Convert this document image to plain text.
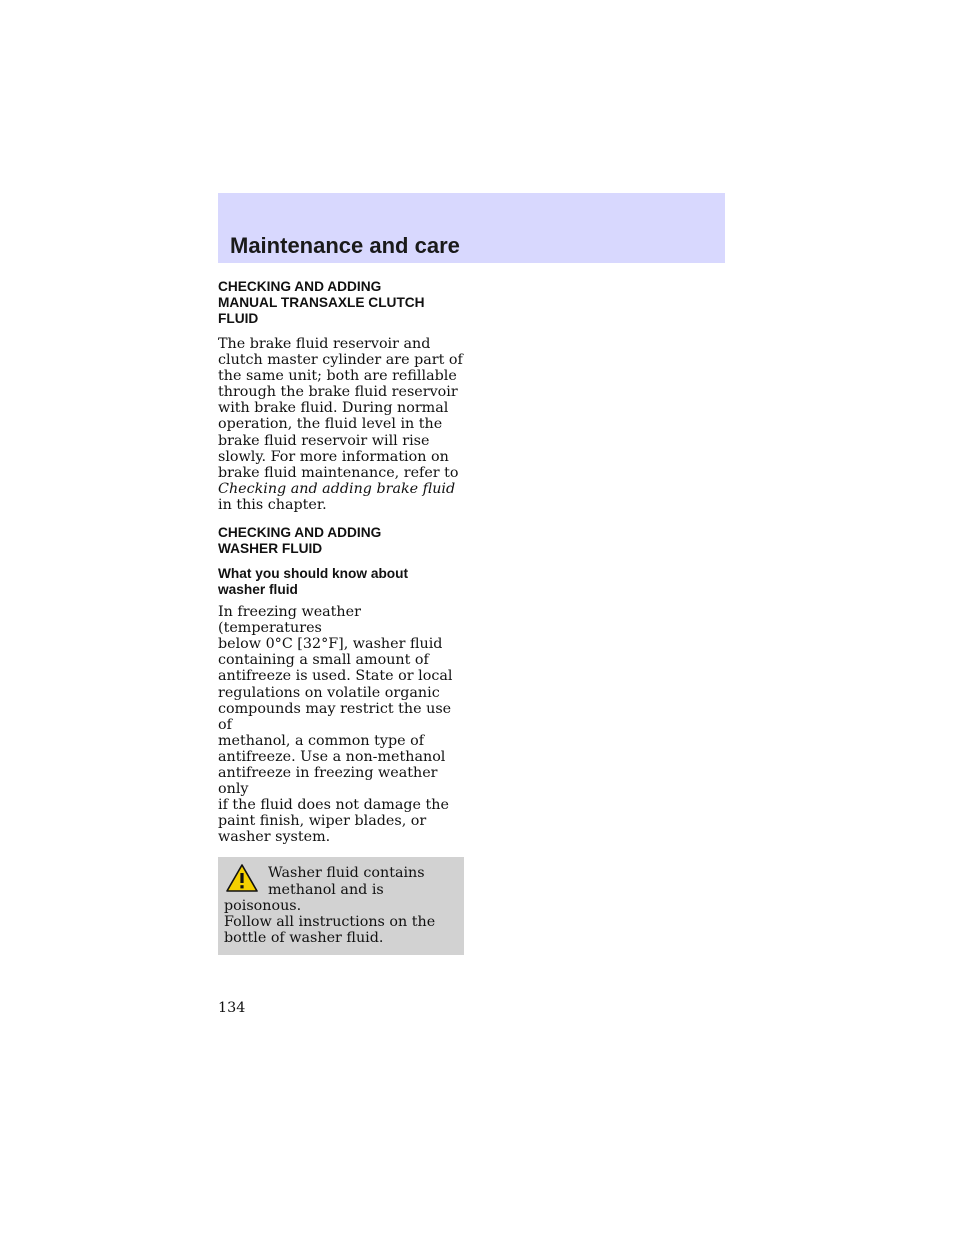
Maintenance and care
CHECKING AND ADDING
MANUAL TRANSAXLE CLUTCH
FLUID
The brake fluid reservoir and
clutch master cylinder are part of
the same unit; both are refillable
through the brake fluid reservoir
with brake fluid. During normal
operation, the fluid level in the
brake fluid reservoir will rise
slowly. For more information on
brake fluid maintenance, refer to
Checking and adding brake fluid
in this chapter.
CHECKING AND ADDING
WASHER FLUID
What you should know about
washer fluid
In freezing weather (temperatures
below 0°C [32°F], washer fluid
containing a small amount of
antifreeze is used. State or local
regulations on volatile organic
compounds may restrict the use of
methanol, a common type of
antifreeze. Use a non-methanol
antifreeze in freezing weather only
if the fluid does not damage the
paint finish, wiper blades, or
washer system.
Washer fluid contains
methanol and is poisonous.
Follow all instructions on the
bottle of washer fluid.
134
